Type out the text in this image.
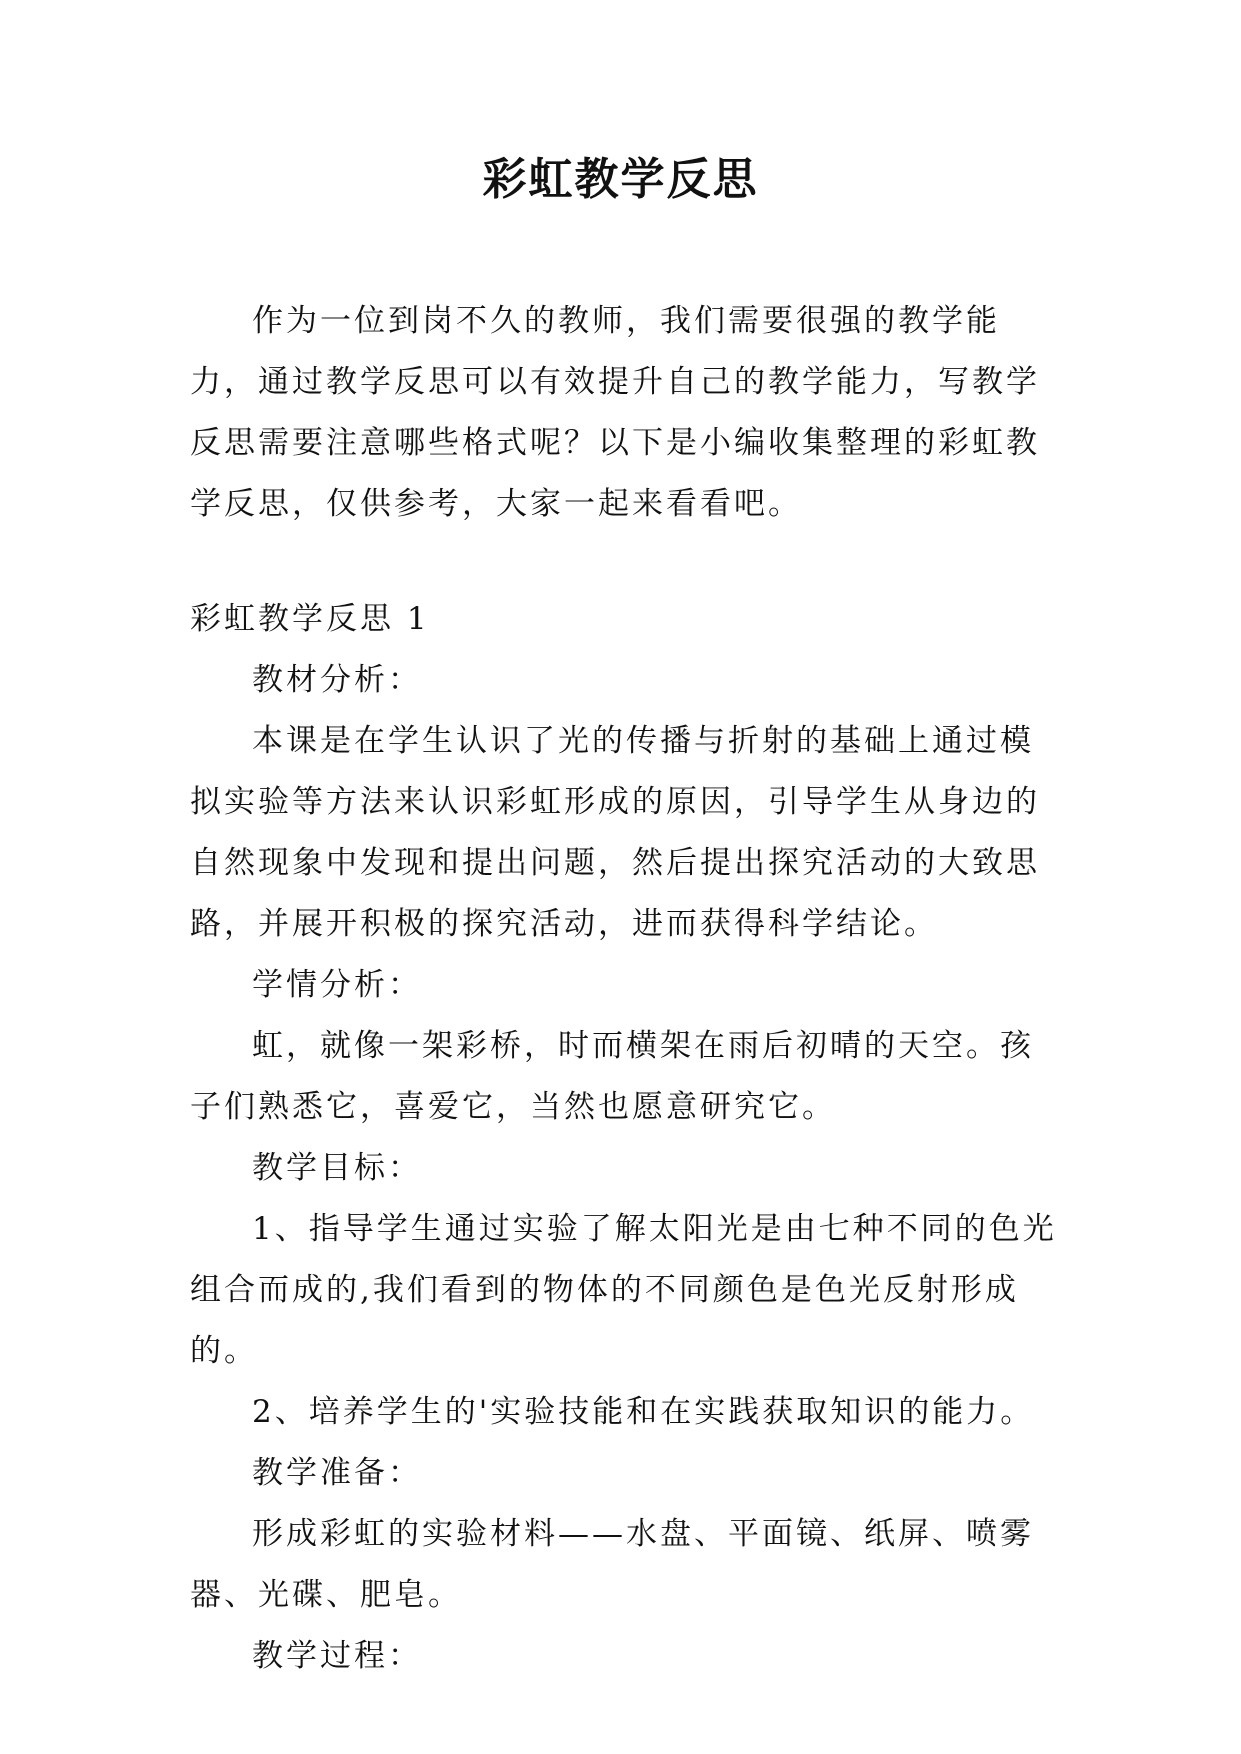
彩虹教学反思

作为一位到岗不久的教师，我们需要很强的教学能力，通过教学反思可以有效提升自己的教学能力，写教学反思需要注意哪些格式呢？以下是小编收集整理的彩虹教学反思，仅供参考，大家一起来看看吧。

彩虹教学反思 1

教材分析：

本课是在学生认识了光的传播与折射的基础上通过模拟实验等方法来认识彩虹形成的原因，引导学生从身边的自然现象中发现和提出问题，然后提出探究活动的大致思路，并展开积极的探究活动，进而获得科学结论。

学情分析：

虹，就像一架彩桥，时而横架在雨后初晴的天空。孩子们熟悉它，喜爱它，当然也愿意研究它。

教学目标：

1、指导学生通过实验了解太阳光是由七种不同的色光组合而成的,我们看到的物体的不同颜色是色光反射形成的。

2、培养学生的'实验技能和在实践获取知识的能力。

教学准备：

形成彩虹的实验材料——水盘、平面镜、纸屏、喷雾器、光碟、肥皂。

教学过程：
